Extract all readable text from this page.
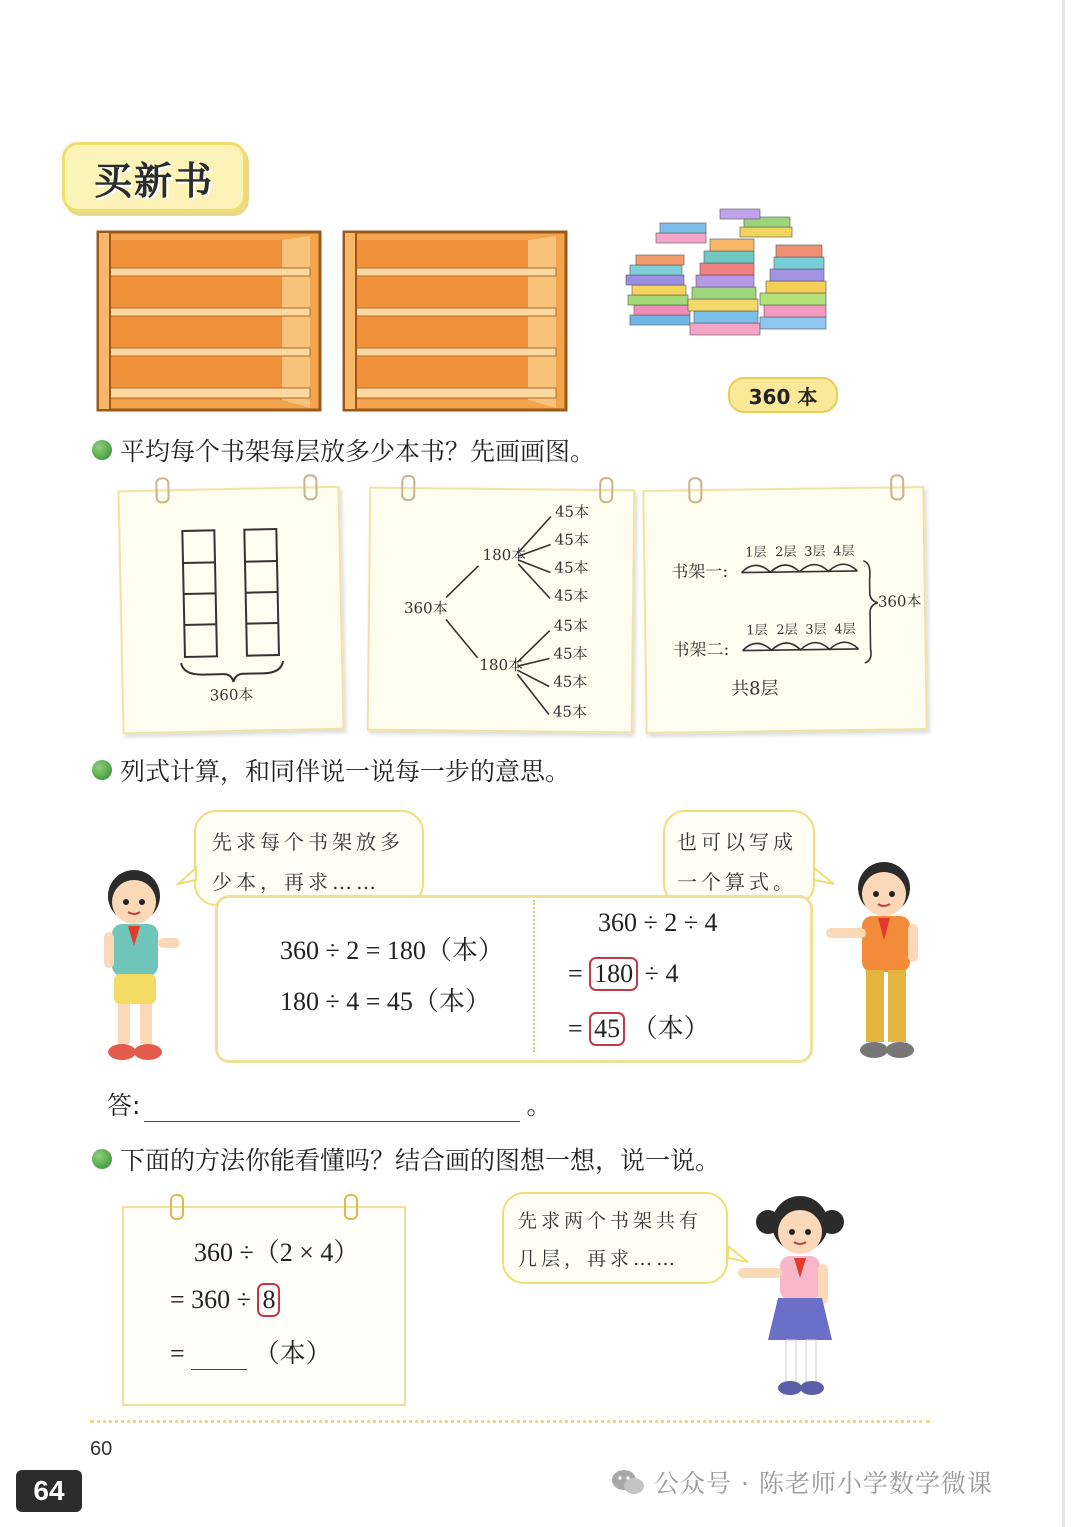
买新书
360 本
平均每个书架每层放多少本书？先画画图。
360本
360本
180本
180本
45本
45本
45本
45本
45本
45本
45本
45本
书架一:
书架二:
1层 2层 3层 4层
1层 2层 3层 4层
360本
共8层
列式计算，和同伴说一说每一步的意思。
先求每个书架放多
少本，再求……
也可以写成
一个算式。
360 ÷ 2 = 180（本）
180 ÷ 4 = 45（本）
360 ÷ 2 ÷ 4
= 180 ÷ 4
= 45 （本）
答:	。
下面的方法你能看懂吗？结合画的图想一想，说一说。
360 ÷（2 × 4）
= 360 ÷ 8
=	（本）
先求两个书架共有
几层，再求……
60
64	公众号 · 陈老师小学数学微课
